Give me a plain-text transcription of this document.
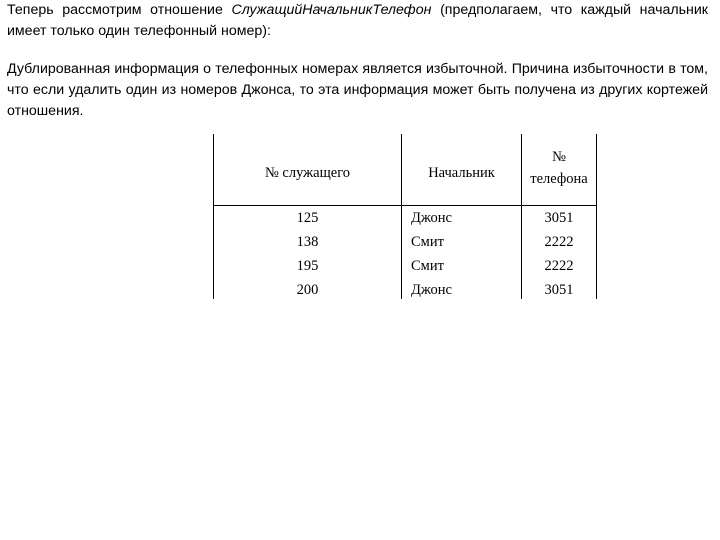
Теперь рассмотрим отношение СлужащийНачальникТелефон (предполагаем, что каждый начальник имеет только один телефонный номер):

Дублированная информация о телефонных номерах является избыточной. Причина избыточности в том, что если удалить один из номеров Джонса, то эта информация может быть получена из других кортежей отношения.

№ служащего	Начальник
№ телефона
125
138
195
200
Джонс
Смит
Смит
Джонс
3051
2222
2222
3051
